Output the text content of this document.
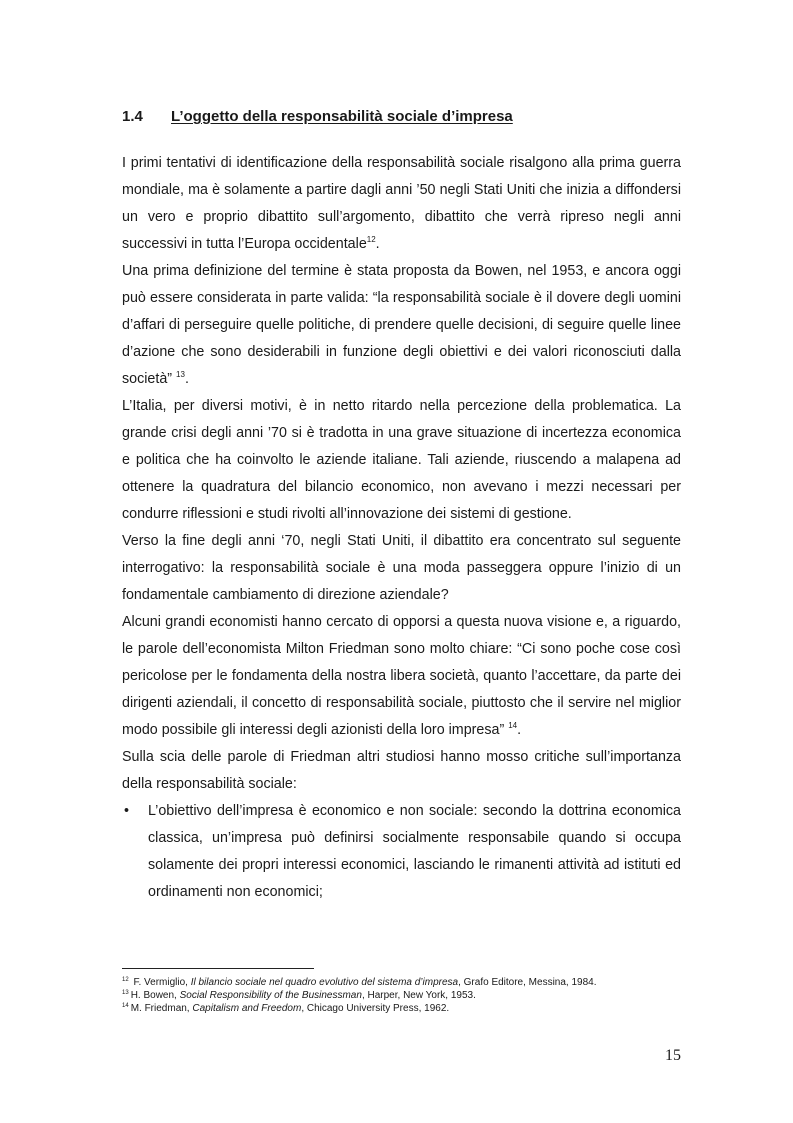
1.4 L’oggetto della responsabilità sociale d’impresa

I primi tentativi di identificazione della responsabilità sociale risalgono alla prima guerra mondiale, ma è solamente a partire dagli anni ’50 negli Stati Uniti che inizia a diffondersi un vero e proprio dibattito sull’argomento, dibattito che verrà ripreso negli anni successivi in tutta l’Europa occidentale$^{12}$.

Una prima definizione del termine è stata proposta da Bowen, nel 1953, e ancora oggi può essere considerata in parte valida: “la responsabilità sociale è il dovere degli uomini d’affari di perseguire quelle politiche, di prendere quelle decisioni, di seguire quelle linee d’azione che sono desiderabili in funzione degli obiettivi e dei valori riconosciuti dalla società” $^{13}$.

L’Italia, per diversi motivi, è in netto ritardo nella percezione della problematica. La grande crisi degli anni ’70 si è tradotta in una grave situazione di incertezza economica e politica che ha coinvolto le aziende italiane. Tali aziende, riuscendo a malapena ad ottenere la quadratura del bilancio economico, non avevano i mezzi necessari per condurre riflessioni e studi rivolti all’innovazione dei sistemi di gestione.

Verso la fine degli anni ‘70, negli Stati Uniti, il dibattito era concentrato sul seguente interrogativo: la responsabilità sociale è una moda passeggera oppure l’inizio di un fondamentale cambiamento di direzione aziendale?

Alcuni grandi economisti hanno cercato di opporsi a questa nuova visione e, a riguardo, le parole dell’economista Milton Friedman sono molto chiare: “Ci sono poche cose così pericolose per le fondamenta della nostra libera società, quanto l’accettare, da parte dei dirigenti aziendali, il concetto di responsabilità sociale, piuttosto che il servire nel miglior modo possibile gli interessi degli azionisti della loro impresa” $^{14}$.

Sulla scia delle parole di Friedman altri studiosi hanno mosso critiche sull’importanza della responsabilità sociale:

• L’obiettivo dell’impresa è economico e non sociale: secondo la dottrina economica classica, un’impresa può definirsi socialmente responsabile quando si occupa solamente dei propri interessi economici, lasciando le rimanenti attività ad istituti ed ordinamenti non economici;

$^{12}$ F. Vermiglio, Il bilancio sociale nel quadro evolutivo del sistema d’impresa, Grafo Editore, Messina, 1984.
$^{13}$ H. Bowen, Social Responsibility of the Businessman, Harper, New York, 1953.
$^{14}$ M. Friedman, Capitalism and Freedom, Chicago University Press, 1962.
15
